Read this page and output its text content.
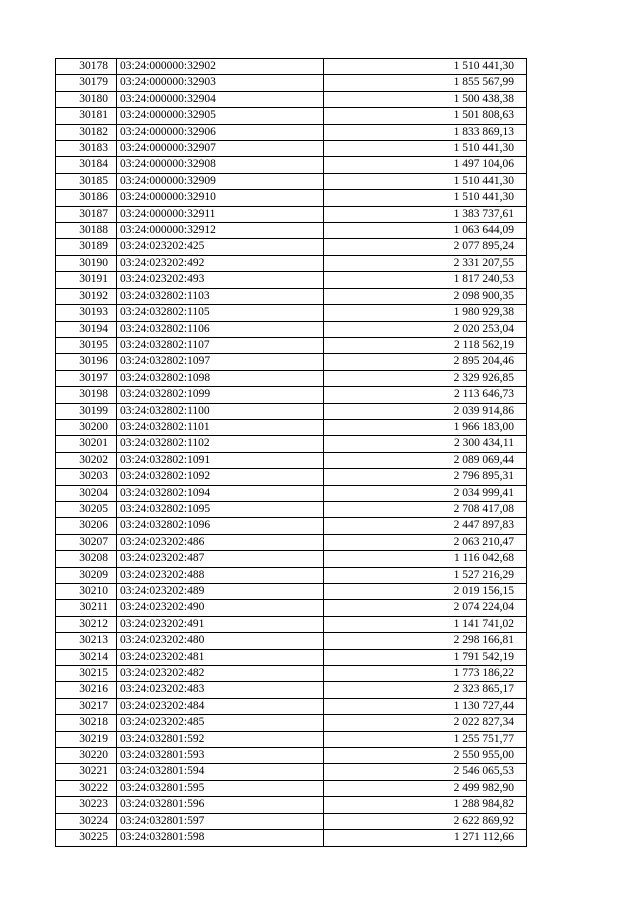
30178	03:24:000000:32902	1 510 441,30
30179	03:24:000000:32903	1 855 567,99
30180	03:24:000000:32904	1 500 438,38
30181	03:24:000000:32905	1 501 808,63
30182	03:24:000000:32906	1 833 869,13
30183	03:24:000000:32907	1 510 441,30
30184	03:24:000000:32908	1 497 104,06
30185	03:24:000000:32909	1 510 441,30
30186	03:24:000000:32910	1 510 441,30
30187	03:24:000000:32911	1 383 737,61
30188	03:24:000000:32912	1 063 644,09
30189	03:24:023202:425	2 077 895,24
30190	03:24:023202:492	2 331 207,55
30191	03:24:023202:493	1 817 240,53
30192	03:24:032802:1103	2 098 900,35
30193	03:24:032802:1105	1 980 929,38
30194	03:24:032802:1106	2 020 253,04
30195	03:24:032802:1107	2 118 562,19
30196	03:24:032802:1097	2 895 204,46
30197	03:24:032802:1098	2 329 926,85
30198	03:24:032802:1099	2 113 646,73
30199	03:24:032802:1100	2 039 914,86
30200	03:24:032802:1101	1 966 183,00
30201	03:24:032802:1102	2 300 434,11
30202	03:24:032802:1091	2 089 069,44
30203	03:24:032802:1092	2 796 895,31
30204	03:24:032802:1094	2 034 999,41
30205	03:24:032802:1095	2 708 417,08
30206	03:24:032802:1096	2 447 897,83
30207	03:24:023202:486	2 063 210,47
30208	03:24:023202:487	1 116 042,68
30209	03:24:023202:488	1 527 216,29
30210	03:24:023202:489	2 019 156,15
30211	03:24:023202:490	2 074 224,04
30212	03:24:023202:491	1 141 741,02
30213	03:24:023202:480	2 298 166,81
30214	03:24:023202:481	1 791 542,19
30215	03:24:023202:482	1 773 186,22
30216	03:24:023202:483	2 323 865,17
30217	03:24:023202:484	1 130 727,44
30218	03:24:023202:485	2 022 827,34
30219	03:24:032801:592	1 255 751,77
30220	03:24:032801:593	2 550 955,00
30221	03:24:032801:594	2 546 065,53
30222	03:24:032801:595	2 499 982,90
30223	03:24:032801:596	1 288 984,82
30224	03:24:032801:597	2 622 869,92
30225	03:24:032801:598	1 271 112,66
